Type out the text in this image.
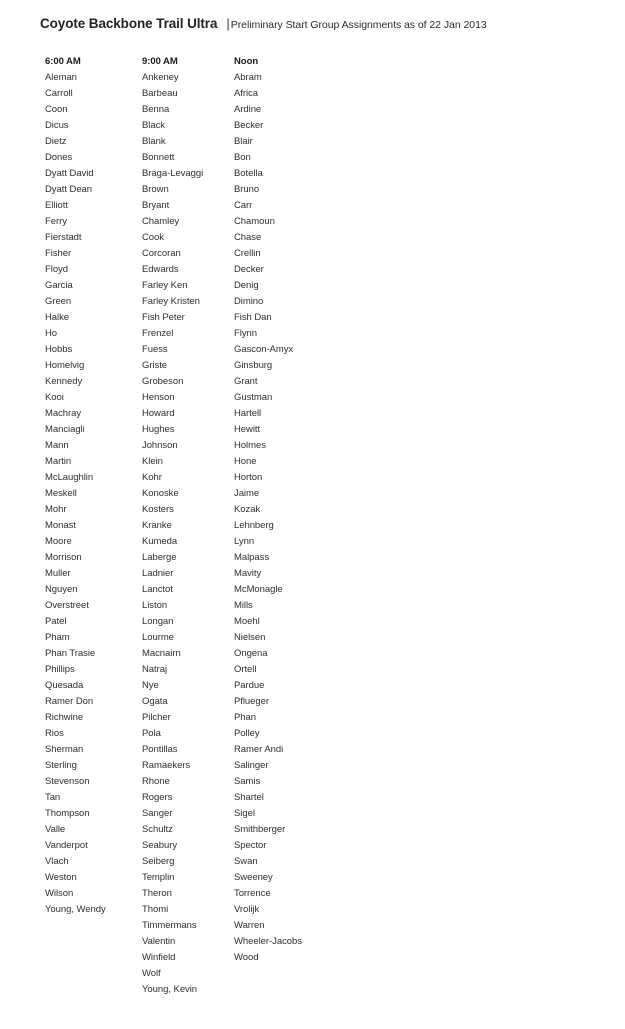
Coyote Backbone Trail Ultra | Preliminary Start Group Assignments as of 22 Jan 2013
6:00 AM
Aleman
Carroll
Coon
Dicus
Dietz
Dones
Dyatt David
Dyatt Dean
Elliott
Ferry
Fierstadt
Fisher
Floyd
Garcia
Green
Halke
Ho
Hobbs
Homelvig
Kennedy
Kooi
Machray
Manciagli
Mann
Martin
McLaughlin
Meskell
Mohr
Monast
Moore
Morrison
Muller
Nguyen
Overstreet
Patel
Pham
Phan Trasie
Phillips
Quesada
Ramer Don
Richwine
Rios
Sherman
Sterling
Stevenson
Tan
Thompson
Valle
Vanderpot
Vlach
Weston
Wilson
Young, Wendy
9:00 AM
Ankeney
Barbeau
Benna
Black
Blank
Bonnett
Braga-Levaggi
Brown
Bryant
Chamley
Cook
Corcoran
Edwards
Farley Ken
Farley Kristen
Fish Peter
Frenzel
Fuess
Griste
Grobeson
Henson
Howard
Hughes
Johnson
Klein
Kohr
Konoske
Kosters
Kranke
Kumeda
Laberge
Ladnier
Lanctot
Liston
Longan
Lourme
Macnairn
Natraj
Nye
Ogata
Pilcher
Pola
Pontillas
Ramaekers
Rhone
Rogers
Sanger
Schultz
Seabury
Seiberg
Templin
Theron
Thomi
Timmermans
Valentin
Winfield
Wolf
Young, Kevin
Noon
Abram
Africa
Ardine
Becker
Blair
Bon
Botella
Bruno
Carr
Chamoun
Chase
Crellin
Decker
Denig
Dimino
Fish Dan
Flynn
Gascon-Amyx
Ginsburg
Grant
Gustman
Hartell
Hewitt
Holmes
Hone
Horton
Jaime
Kozak
Lehnberg
Lynn
Malpass
Mavity
McMonagle
Mills
Moehl
Nielsen
Ongena
Ortell
Pardue
Pflueger
Phan
Polley
Ramer Andi
Salinger
Samis
Shartel
Sigel
Smithberger
Spector
Swan
Sweeney
Torrence
Vrolijk
Warren
Wheeler-Jacobs
Wood
